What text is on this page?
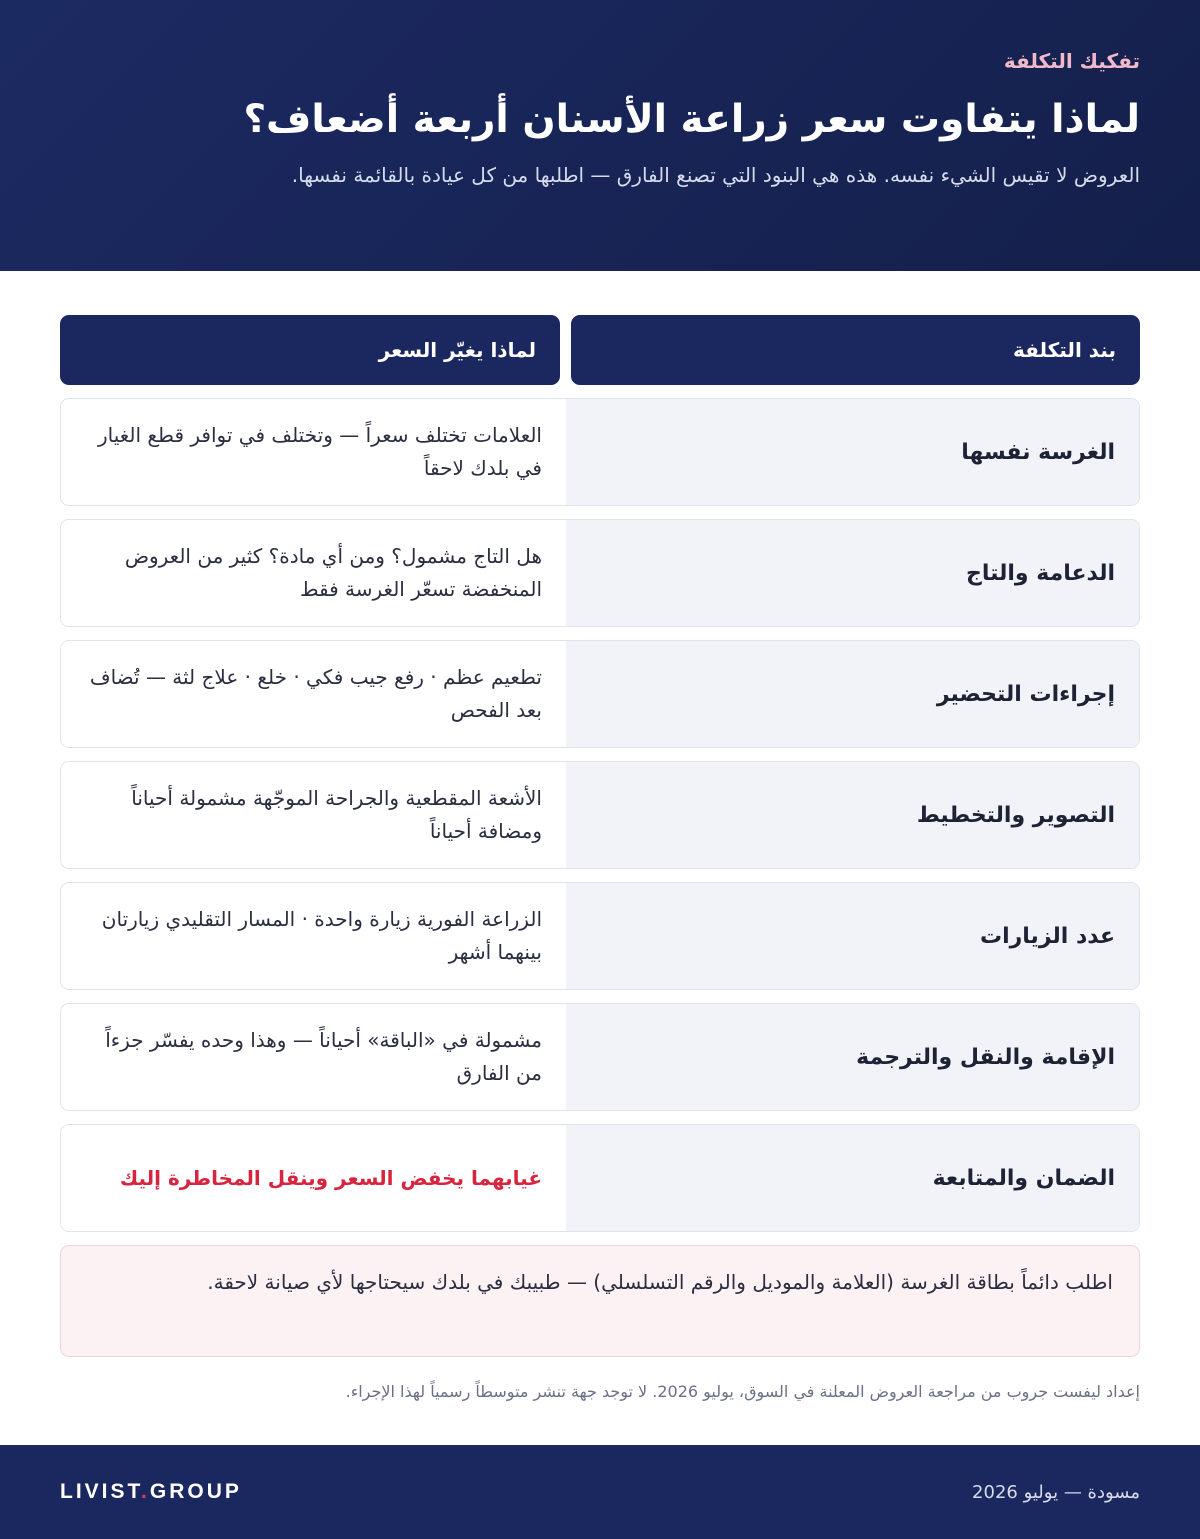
تفكيك التكلفة
لماذا يتفاوت سعر زراعة الأسنان أربعة أضعاف؟
العروض لا تقيس الشيء نفسه. هذه هي البنود التي تصنع الفارق — اطلبها من كل عيادة بالقائمة نفسها.
بند التكلفة
لماذا يغيّر السعر
الغرسة نفسها
العلامات تختلف سعراً — وتختلف في توافر قطع الغيار في بلدك لاحقاً
الدعامة والتاج
هل التاج مشمول؟ ومن أي مادة؟ كثير من العروض المنخفضة تسعّر الغرسة فقط
إجراءات التحضير
تطعيم عظم · رفع جيب فكي · خلع · علاج لثة — تُضاف بعد الفحص
التصوير والتخطيط
الأشعة المقطعية والجراحة الموجّهة مشمولة أحياناً ومضافة أحياناً
عدد الزيارات
الزراعة الفورية زيارة واحدة · المسار التقليدي زيارتان بينهما أشهر
الإقامة والنقل والترجمة
مشمولة في «الباقة» أحياناً — وهذا وحده يفسّر جزءاً من الفارق
الضمان والمتابعة
غيابهما يخفض السعر وينقل المخاطرة إليك
اطلب دائماً بطاقة الغرسة (العلامة والموديل والرقم التسلسلي) — طبيبك في بلدك سيحتاجها لأي صيانة لاحقة.
إعداد ليفست جروب من مراجعة العروض المعلنة في السوق، يوليو 2026. لا توجد جهة تنشر متوسطاً رسمياً لهذا الإجراء.
مسودة — يوليو 2026
LIVIST.GROUP
